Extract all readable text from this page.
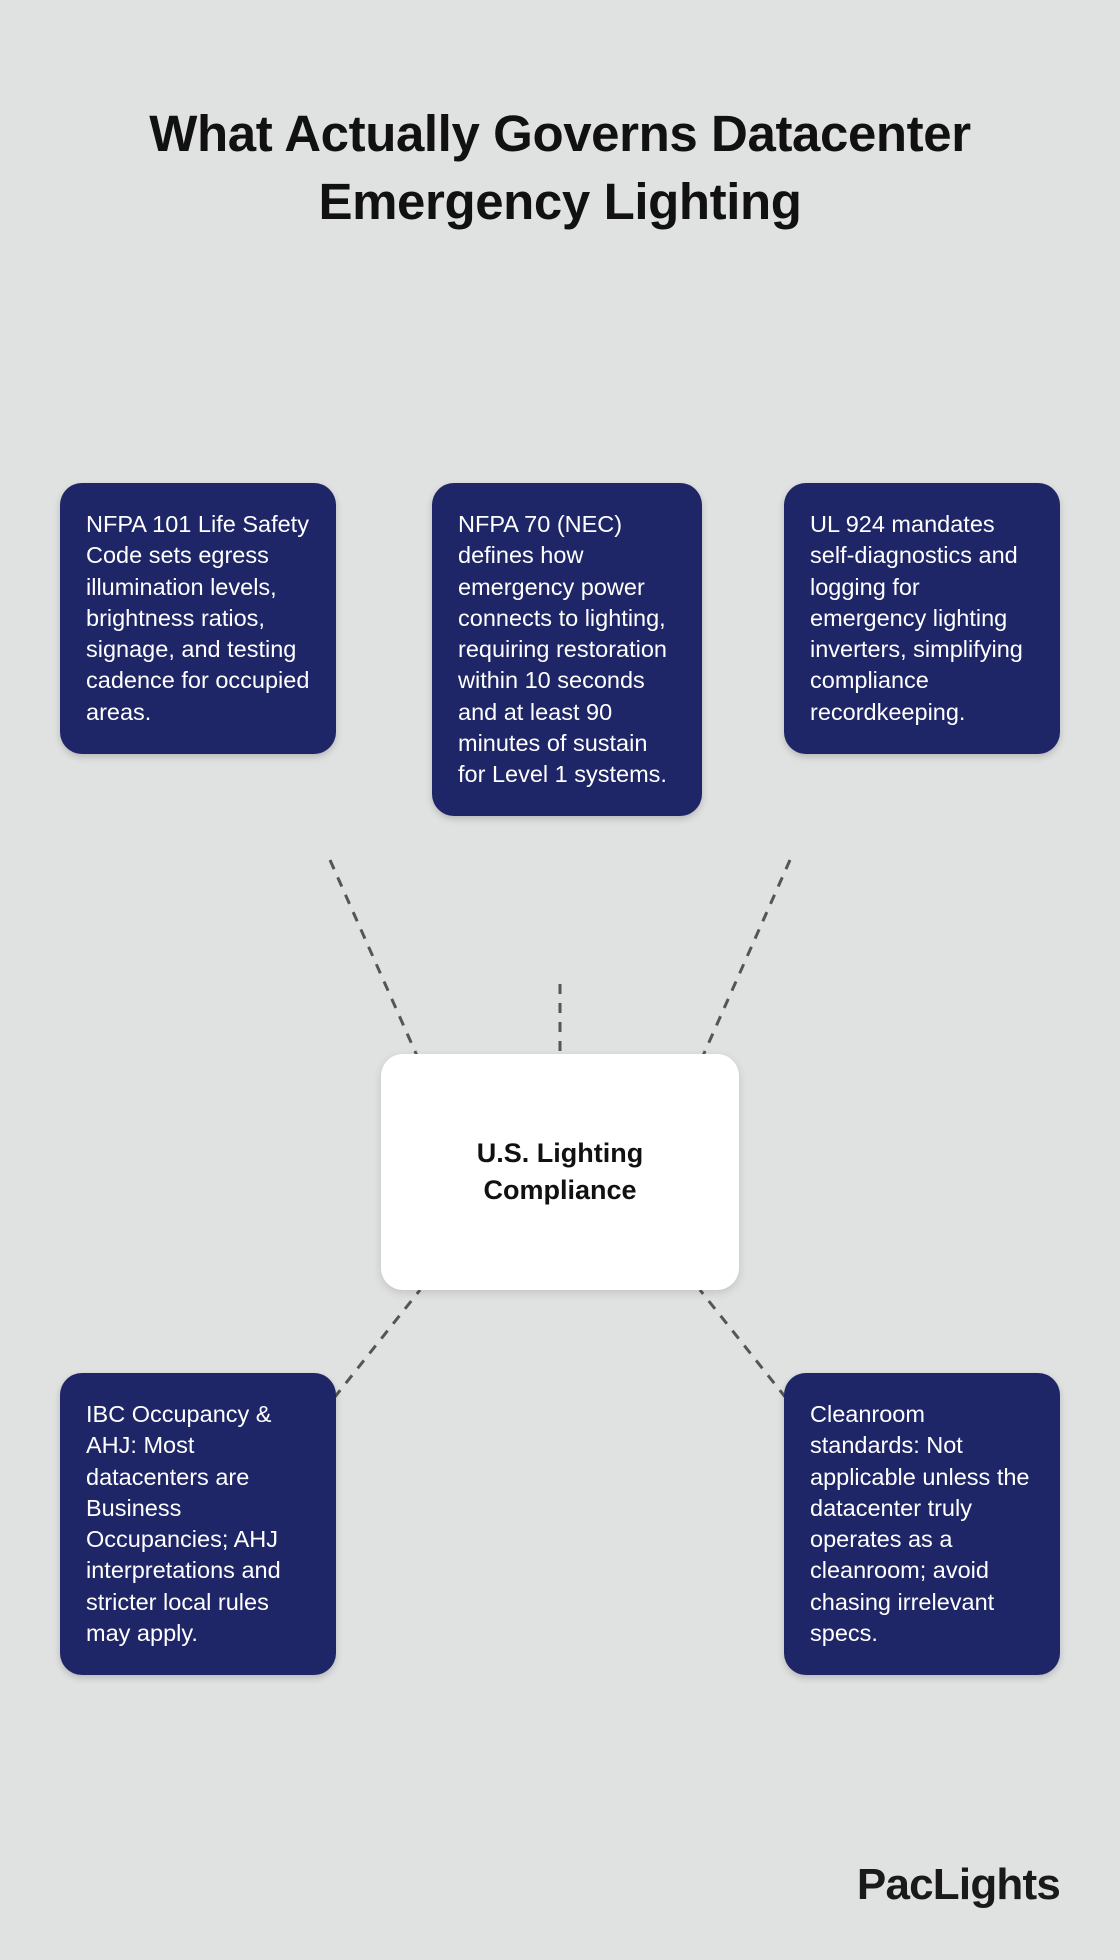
What Actually Governs Datacenter Emergency Lighting
NFPA 101 Life Safety Code sets egress illumination levels, brightness ratios, signage, and testing cadence for occupied areas.
NFPA 70 (NEC) defines how emergency power connects to lighting, requiring restoration within 10 seconds and at least 90 minutes of sustain for Level 1 systems.
UL 924 mandates self-diagnostics and logging for emergency lighting inverters, simplifying compliance recordkeeping.
IBC Occupancy & AHJ: Most datacenters are Business Occupancies; AHJ interpretations and stricter local rules may apply.
Cleanroom standards: Not applicable unless the datacenter truly operates as a cleanroom; avoid chasing irrelevant specs.
U.S. Lighting Compliance
PacLights
